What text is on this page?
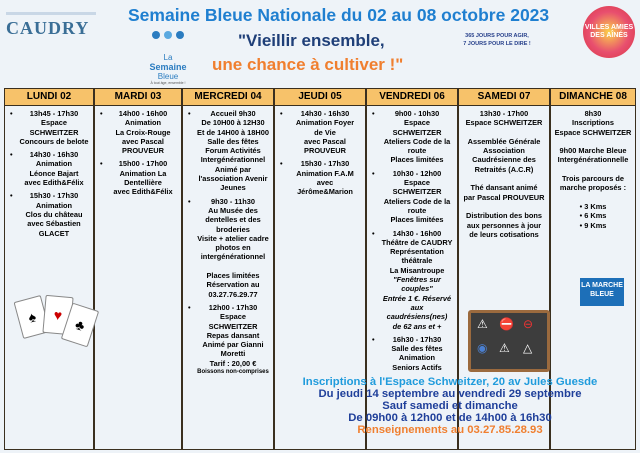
CAUDRY
Semaine Bleue Nationale du 02 au 08 octobre 2023
La
Semaine
Bleue
À tout âge, ensemble !
"Vieillir ensemble,
une chance à cultiver !"
365 JOURS POUR AGIR,
7 JOURS POUR LE DIRE !
VILLES AMIES DES AÎNÉS
LUNDI 02
• 13h45 - 17h30
Espace SCHWEITZER
Concours de belote
• 14h30 - 16h30
Animation
Léonce Bajart
avec Edith&Félix
• 15h30 - 17h30
Animation
Clos du château
avec Sébastien
GLACET
MARDI 03
• 14h00 - 16h00
Animation
La Croix-Rouge
avec Pascal
PROUVEUR
• 15h00 - 17h00
Animation La
Dentellière
avec Edith&Félix
MERCREDI 04
• Accueil 9h30
De 10H00 à 12H30
Et de 14H00 à 18H00
Salle des fêtes
Forum Activités
Intergénérationnel
Animé par
l'association Avenir
Jeunes
• 9h30 - 11h30
Au Musée des
dentelles et des
broderies
Visite + atelier cadre
photos en
intergénérationnel

Places limitées
Réservation au
03.27.76.29.77
• 12h00 - 17h30
Espace SCHWEITZER
Repas dansant
Animé par Gianni
Moretti
Tarif : 20,00 €
Boissons non-comprises
JEUDI 05
• 14h30 - 16h30
Animation Foyer
de Vie
avec Pascal
PROUVEUR
• 15h30 - 17h30
Animation F.A.M
avec
Jérôme&Marion
VENDREDI 06
• 9h00 - 10h30
Espace SCHWEITZER
Ateliers Code de la
route
Places limitées
• 10h30 - 12h00
Espace SCHWEITZER
Ateliers Code de la
route
Places limitées
• 14h30 - 16h00
Théâtre de CAUDRY
Représentation
théâtrale
La Misantroupe
"Fenêtres sur couples"
Entrée 1 €. Réservé
aux caudrésiens(nes)
de 62 ans et +
• 16h30 - 17h30
Salle des fêtes
Animation
Seniors Actifs
SAMEDI 07
13h30 - 17h00
Espace SCHWEITZER

Assemblée Générale
Association
Caudrésienne des
Retraités (A.C.R)

Thé dansant animé
par Pascal PROUVEUR

Distribution des bons
aux personnes à jour
de leurs cotisations
DIMANCHE 08
8h30
Inscriptions
Espace SCHWEITZER

9h00 Marche Bleue
Intergénérationnelle

Trois parcours de
marche proposés :

• 3 Kms
• 6 Kms
• 9 Kms
♠	♥
♣
LA MARCHE BLEUE
⚠ ⛔ ⊖
◉ ⚠ △
Inscriptions à l'Espace Schweitzer, 20 av Jules Guesde
Du jeudi 14 septembre au vendredi 29 septembre
Sauf samedi et dimanche
De 09h00 à 12h00 et de 14h00 à 16h30
Renseignements au 03.27.85.28.93
